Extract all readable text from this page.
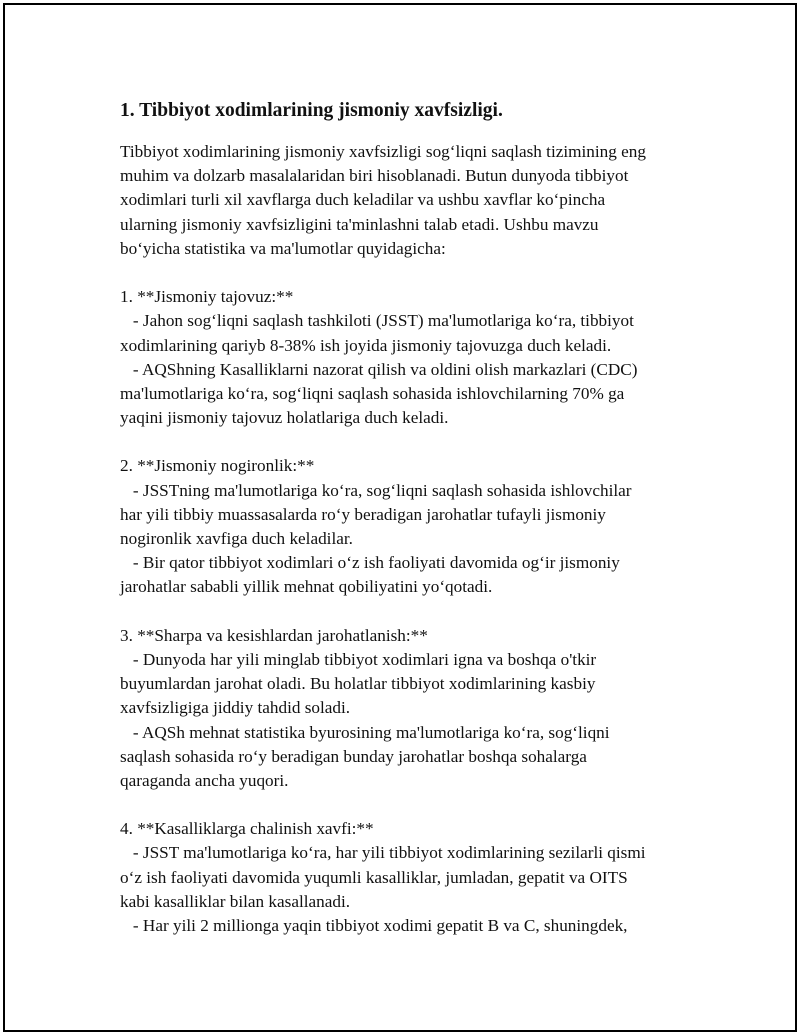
1. Tibbiyot xodimlarining jismoniy xavfsizligi.
Tibbiyot xodimlarining jismoniy xavfsizligi sog‘liqni saqlash tizimining eng
muhim va dolzarb masalalaridan biri hisoblanadi. Butun dunyoda tibbiyot
xodimlari turli xil xavflarga duch keladilar va ushbu xavflar ko‘pincha
ularning jismoniy xavfsizligini ta'minlashni talab etadi. Ushbu mavzu
bo‘yicha statistika va ma'lumotlar quyidagicha:
1. **Jismoniy tajovuz:**
- Jahon sog‘liqni saqlash tashkiloti (JSST) ma'lumotlariga ko‘ra, tibbiyot
xodimlarining qariyb 8-38% ish joyida jismoniy tajovuzga duch keladi.
- AQShning Kasalliklarni nazorat qilish va oldini olish markazlari (CDC)
ma'lumotlariga ko‘ra, sog‘liqni saqlash sohasida ishlovchilarning 70% ga
yaqini jismoniy tajovuz holatlariga duch keladi.
2. **Jismoniy nogironlik:**
- JSSTning ma'lumotlariga ko‘ra, sog‘liqni saqlash sohasida ishlovchilar
har yili tibbiy muassasalarda ro‘y beradigan jarohatlar tufayli jismoniy
nogironlik xavfiga duch keladilar.
- Bir qator tibbiyot xodimlari o‘z ish faoliyati davomida og‘ir jismoniy
jarohatlar sababli yillik mehnat qobiliyatini yo‘qotadi.
3. **Sharpa va kesishlardan jarohatlanish:**
- Dunyoda har yili minglab tibbiyot xodimlari igna va boshqa o'tkir
buyumlardan jarohat oladi. Bu holatlar tibbiyot xodimlarining kasbiy
xavfsizligiga jiddiy tahdid soladi.
- AQSh mehnat statistika byurosining ma'lumotlariga ko‘ra, sog‘liqni
saqlash sohasida ro‘y beradigan bunday jarohatlar boshqa sohalarga
qaraganda ancha yuqori.
4. **Kasalliklarga chalinish xavfi:**
- JSST ma'lumotlariga ko‘ra, har yili tibbiyot xodimlarining sezilarli qismi
o‘z ish faoliyati davomida yuqumli kasalliklar, jumladan, gepatit va OITS
kabi kasalliklar bilan kasallanadi.
- Har yili 2 millionga yaqin tibbiyot xodimi gepatit B va C, shuningdek,
